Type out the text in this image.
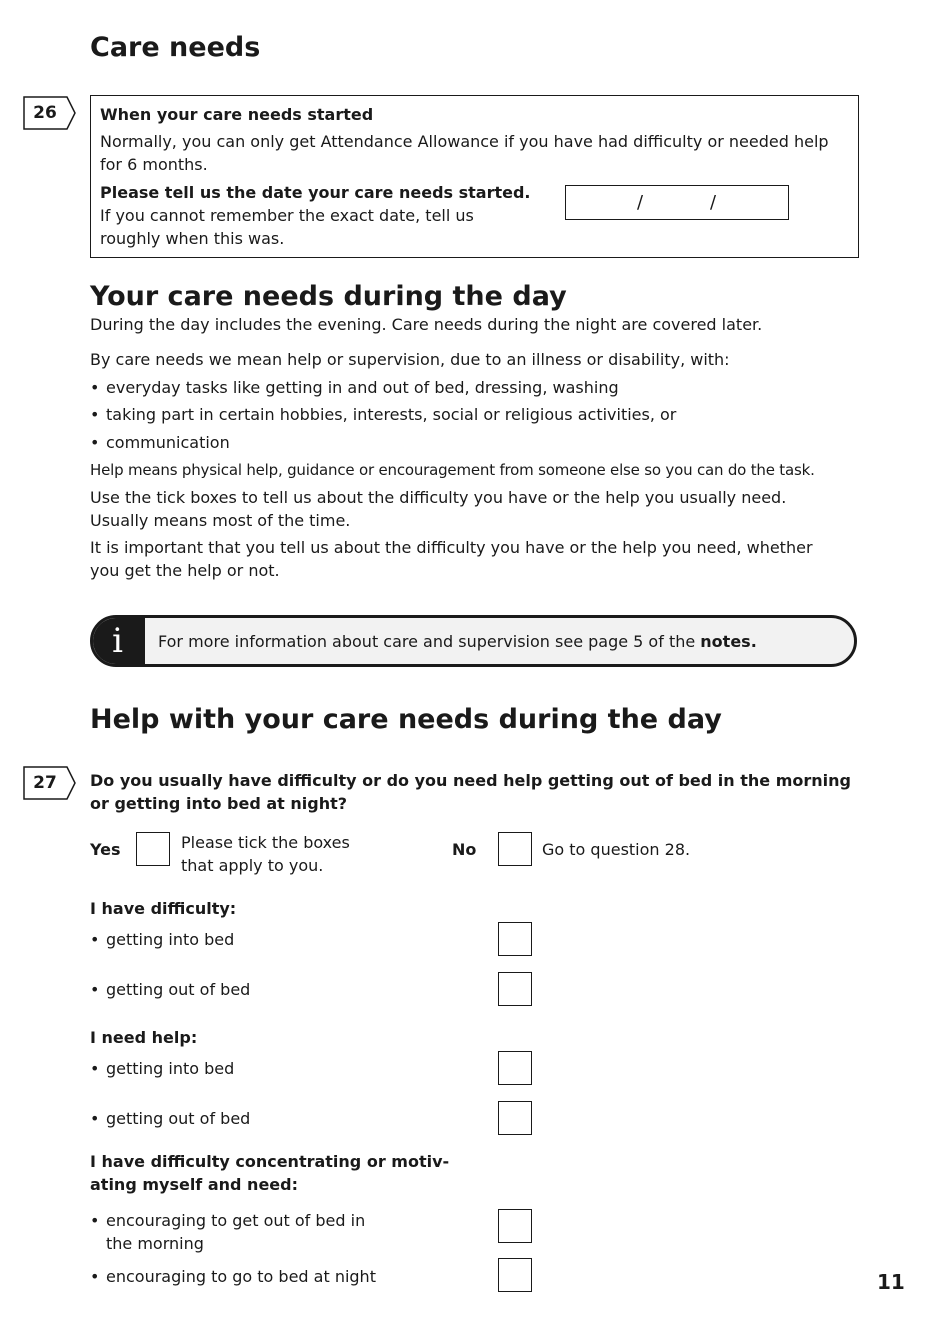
Care needs
26	When your care needs started
Normally, you can only get Attendance Allowance if you have had difficulty or needed help for 6 months.
Please tell us the date your care needs started.
If you cannot remember the exact date, tell us
roughly when this was.
/	/
Your care needs during the day
During the day includes the evening. Care needs during the night are covered later.
By care needs we mean help or supervision, due to an illness or disability, with:
• everyday tasks like getting in and out of bed, dressing, washing
• taking part in certain hobbies, interests, social or religious activities, or
• communication
Help means physical help, guidance or encouragement from someone else so you can do the task.
Use the tick boxes to tell us about the difficulty you have or the help you usually need.
Usually means most of the time.
It is important that you tell us about the difficulty you have or the help you need, whether
you get the help or not.
i	For more information about care and supervision see page 5 of the notes.
Help with your care needs during the day
27	Do you usually have difficulty or do you need help getting out of bed in the morning
or getting into bed at night?
Yes	Please tick the boxes
that apply to you.
No	Go to question 28.
I have difficulty:
• getting into bed
• getting out of bed
I need help:
• getting into bed
• getting out of bed
I have difficulty concentrating or motiv-
ating myself and need:
• encouraging to get out of bed in
the morning
• encouraging to go to bed at night	11
